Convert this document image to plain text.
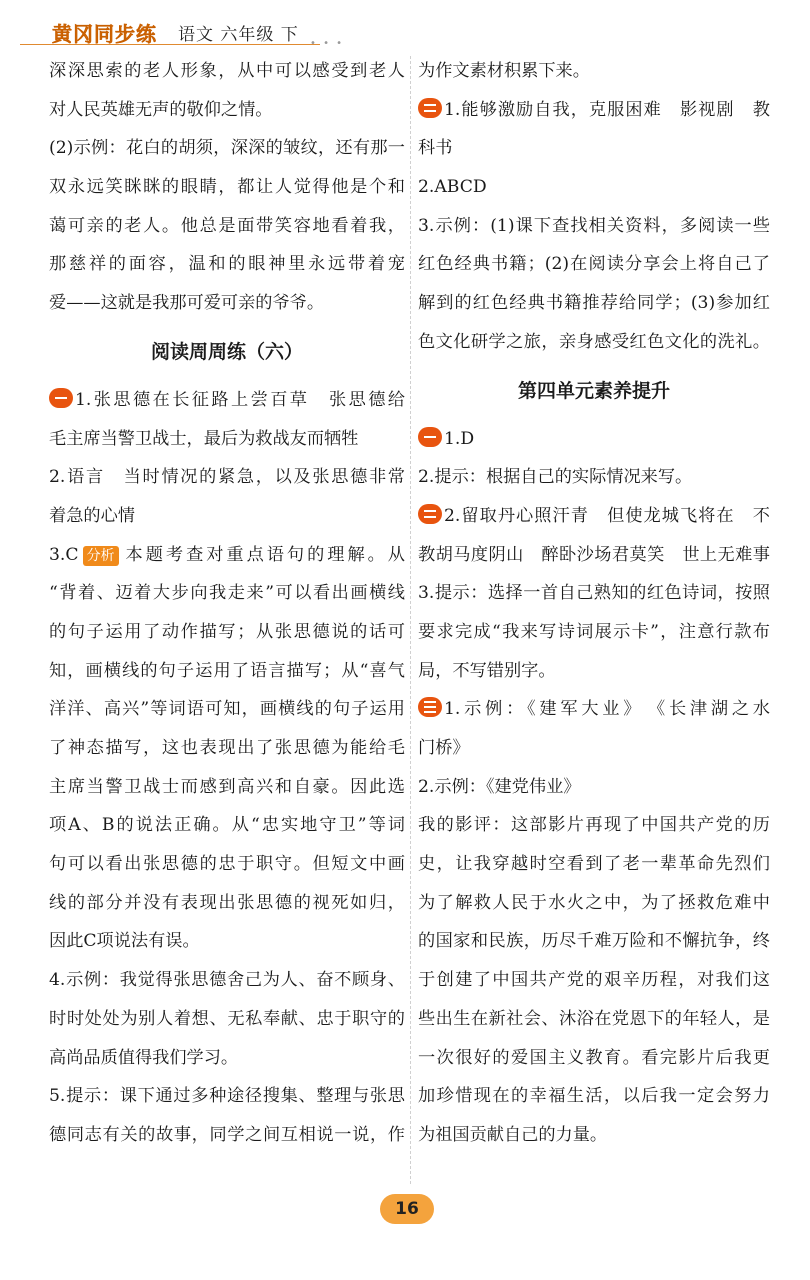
黄冈同步练 语文 六年级 下 • • •
深深思索的老人形象，从中可以感受到老人
对人民英雄无声的敬仰之情。
(2)示例：花白的胡须，深深的皱纹，还有那一
双永远笑眯眯的眼睛，都让人觉得他是个和
蔼可亲的老人。他总是面带笑容地看着我，
那慈祥的面容，温和的眼神里永远带着宠
爱——这就是我那可爱可亲的爷爷。
阅读周周练（六）
1.张思德在长征路上尝百草　张思德给
毛主席当警卫战士，最后为救战友而牺牲
2.语言　当时情况的紧急，以及张思德非常
着急的心情
3.C 分析 本题考查对重点语句的理解。从
“背着、迈着大步向我走来”可以看出画横线
的句子运用了动作描写；从张思德说的话可
知，画横线的句子运用了语言描写；从“喜气
洋洋、高兴”等词语可知，画横线的句子运用
了神态描写，这也表现出了张思德为能给毛
主席当警卫战士而感到高兴和自豪。因此选
项A、B的说法正确。从“忠实地守卫”等词
句可以看出张思德的忠于职守。但短文中画
线的部分并没有表现出张思德的视死如归，
因此C项说法有误。
4.示例：我觉得张思德舍己为人、奋不顾身、
时时处处为别人着想、无私奉献、忠于职守的
高尚品质值得我们学习。
5.提示：课下通过多种途径搜集、整理与张思
德同志有关的故事，同学之间互相说一说，作
为作文素材积累下来。
1.能够激励自我，克服困难　影视剧　教
科书
2.ABCD
3.示例：(1)课下查找相关资料，多阅读一些
红色经典书籍；(2)在阅读分享会上将自己了
解到的红色经典书籍推荐给同学；(3)参加红
色文化研学之旅，亲身感受红色文化的洗礼。
第四单元素养提升
1.D
2.提示：根据自己的实际情况来写。
2.留取丹心照汗青　但使龙城飞将在　不
教胡马度阴山　醉卧沙场君莫笑　世上无难事
3.提示：选择一首自己熟知的红色诗词，按照
要求完成“我来写诗词展示卡”，注意行款布
局，不写错别字。
1.示例：《建军大业》　《长津湖之水
门桥》
2.示例：《建党伟业》
我的影评：这部影片再现了中国共产党的历
史，让我穿越时空看到了老一辈革命先烈们
为了解救人民于水火之中，为了拯救危难中
的国家和民族，历尽千难万险和不懈抗争，终
于创建了中国共产党的艰辛历程，对我们这
些出生在新社会、沐浴在党恩下的年轻人，是
一次很好的爱国主义教育。看完影片后我更
加珍惜现在的幸福生活，以后我一定会努力
为祖国贡献自己的力量。
16
